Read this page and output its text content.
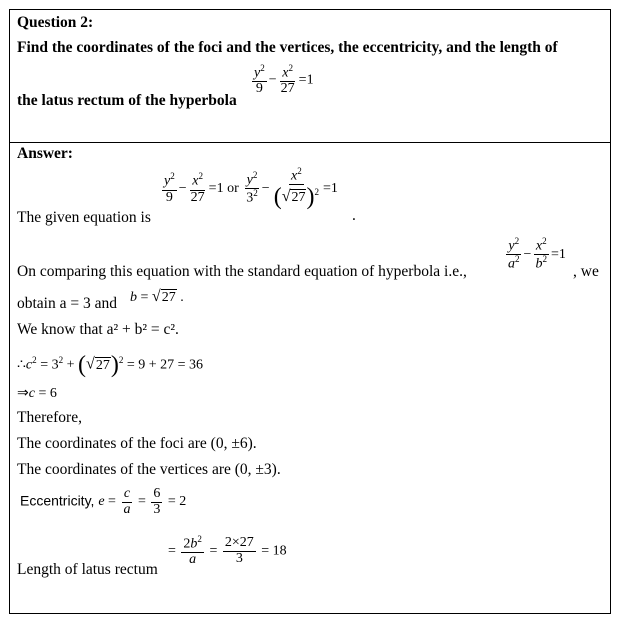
Question 2:
Find the coordinates of the foci and the vertices, the eccentricity, and the length of
the latus rectum of the hyperbola
$\frac{y^2}{9} - \frac{x^2}{27} =1$
Answer:
$\frac{y^2}{9} - \frac{x^2}{27} =1$ or $\frac{y^2}{3^2} - \frac{x^2}{(√27)^2} =1$
The given equation is	.
On comparing this equation with the standard equation of hyperbola i.e.,	$\frac{y^2}{a^2} - \frac{x^2}{b^2} =1$
, we
obtain a = 3 and b = √27 .
We know that a² + b² = c².
$\therefore c^2 = 3^2 + (√27)^2 = 9 + 27 = 36$
⇒c = 6
Therefore,
The coordinates of the foci are (0, ±6).
The coordinates of the vertices are (0, ±3).
Eccentricity, $e = \frac{c}{a} = \frac{6}{3} = 2$
= $\frac{2b^2}{a} = \frac{2\times 27}{3} = 18$
Length of latus rectum
